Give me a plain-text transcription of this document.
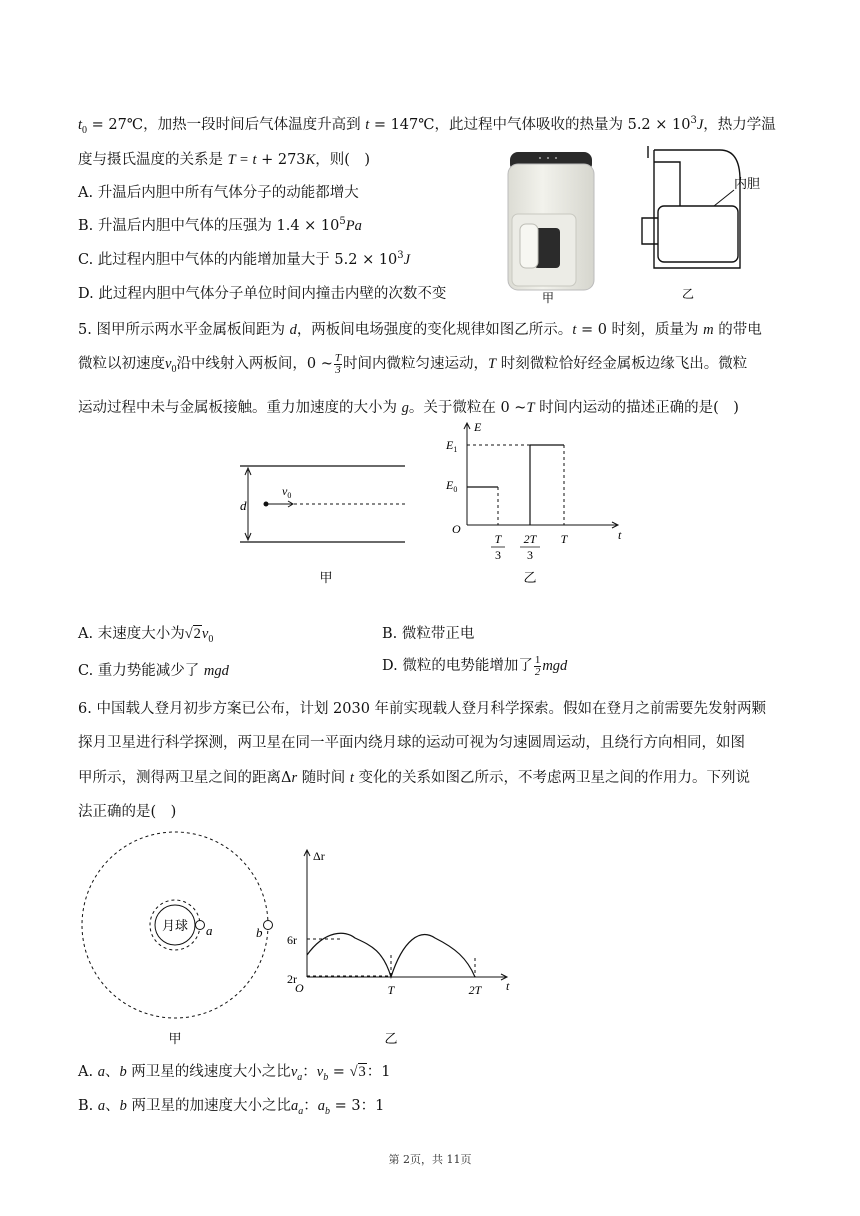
$t_0$ = 27℃，加热一段时间后气体温度升高到 t = 147℃，此过程中气体吸收的热量为 $5.2 \times 10^3J$，热力学温
度与摄氏温度的关系是 T = t + 273K，则(　)
A. 升温后内胆中所有气体分子的动能都增大
B. 升温后内胆中气体的压强为 $1.4 \times 10^5Pa$
C. 此过程内胆中气体的内能增加量大于 $5.2 \times 10^3J$
D. 此过程内胆中气体分子单位时间内撞击内壁的次数不变	甲
内胆
乙
5. 图甲所示两水平金属板间距为 d，两板间电场强度的变化规律如图乙所示。t = 0 时刻，质量为 m 的带电
微粒以初速度$v_0$沿中线射入两板间，0 ~ $\frac{T}{3}$ 时间内微粒匀速运动，T 时刻微粒恰好经金属板边缘飞出。微粒
运动过程中未与金属板接触。重力加速度的大小为 g。关于微粒在 0 ~T 时间内运动的描述正确的是(　)
d
$v_0$
甲
E
t
O
$E_1$
$E_0$
T
3
2T
3
T
乙
A. 末速度大小为$√2v_0$	B. 微粒带正电
C. 重力势能减少了 mgd	D. 微粒的电势能增加了 $\frac{1}{2}$ mgd
6. 中国载人登月初步方案已公布，计划 2030 年前实现载人登月科学探索。假如在登月之前需要先发射两颗
探月卫星进行科学探测，两卫星在同一平面内绕月球的运动可视为匀速圆周运动，且绕行方向相同，如图
甲所示，测得两卫星之间的距离Δr 随时间 t 变化的关系如图乙所示，不考虑两卫星之间的作用力。下列说
法正确的是(　)
月球 a	b
甲
Δr
t
O
6r
2r
T	2T
乙
A. a、b 两卫星的线速度大小之比$v_a$：$v_b = √3$：1
B. a、b 两卫星的加速度大小之比$a_a$：$a_b = 3$：1
第 2页，共 11页
